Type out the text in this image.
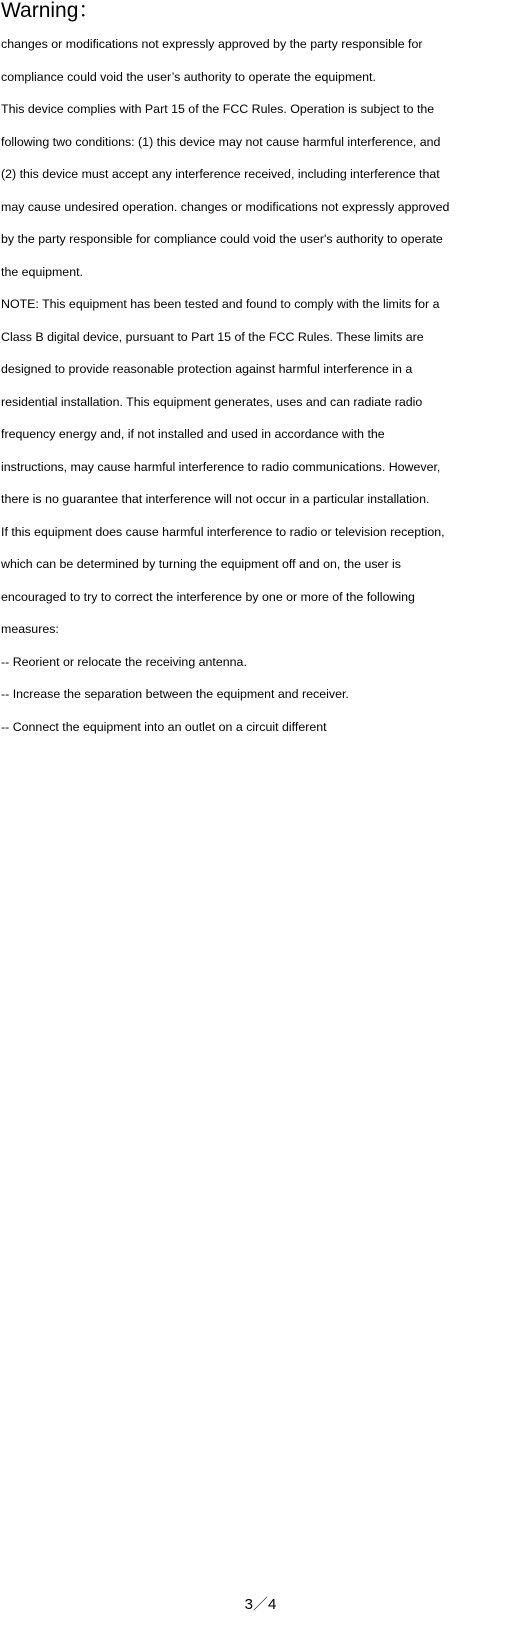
Warning：
changes or modifications not expressly approved by the party responsible for
compliance could void the user’s authority to operate the equipment.
This device complies with Part 15 of the FCC Rules. Operation is subject to the
following two conditions: (1) this device may not cause harmful interference, and
(2) this device must accept any interference received, including interference that
may cause undesired operation. changes or modifications not expressly approved
by the party responsible for compliance could void the user's authority to operate
the equipment.
NOTE: This equipment has been tested and found to comply with the limits for a
Class B digital device, pursuant to Part 15 of the FCC Rules. These limits are
designed to provide reasonable protection against harmful interference in a
residential installation. This equipment generates, uses and can radiate radio
frequency energy and, if not installed and used in accordance with the
instructions, may cause harmful interference to radio communications. However,
there is no guarantee that interference will not occur in a particular installation.
If this equipment does cause harmful interference to radio or television reception,
which can be determined by turning the equipment off and on, the user is
encouraged to try to correct the interference by one or more of the following
measures:
-- Reorient or relocate the receiving antenna.
-- Increase the separation between the equipment and receiver.
-- Connect the equipment into an outlet on a circuit different
3／4
